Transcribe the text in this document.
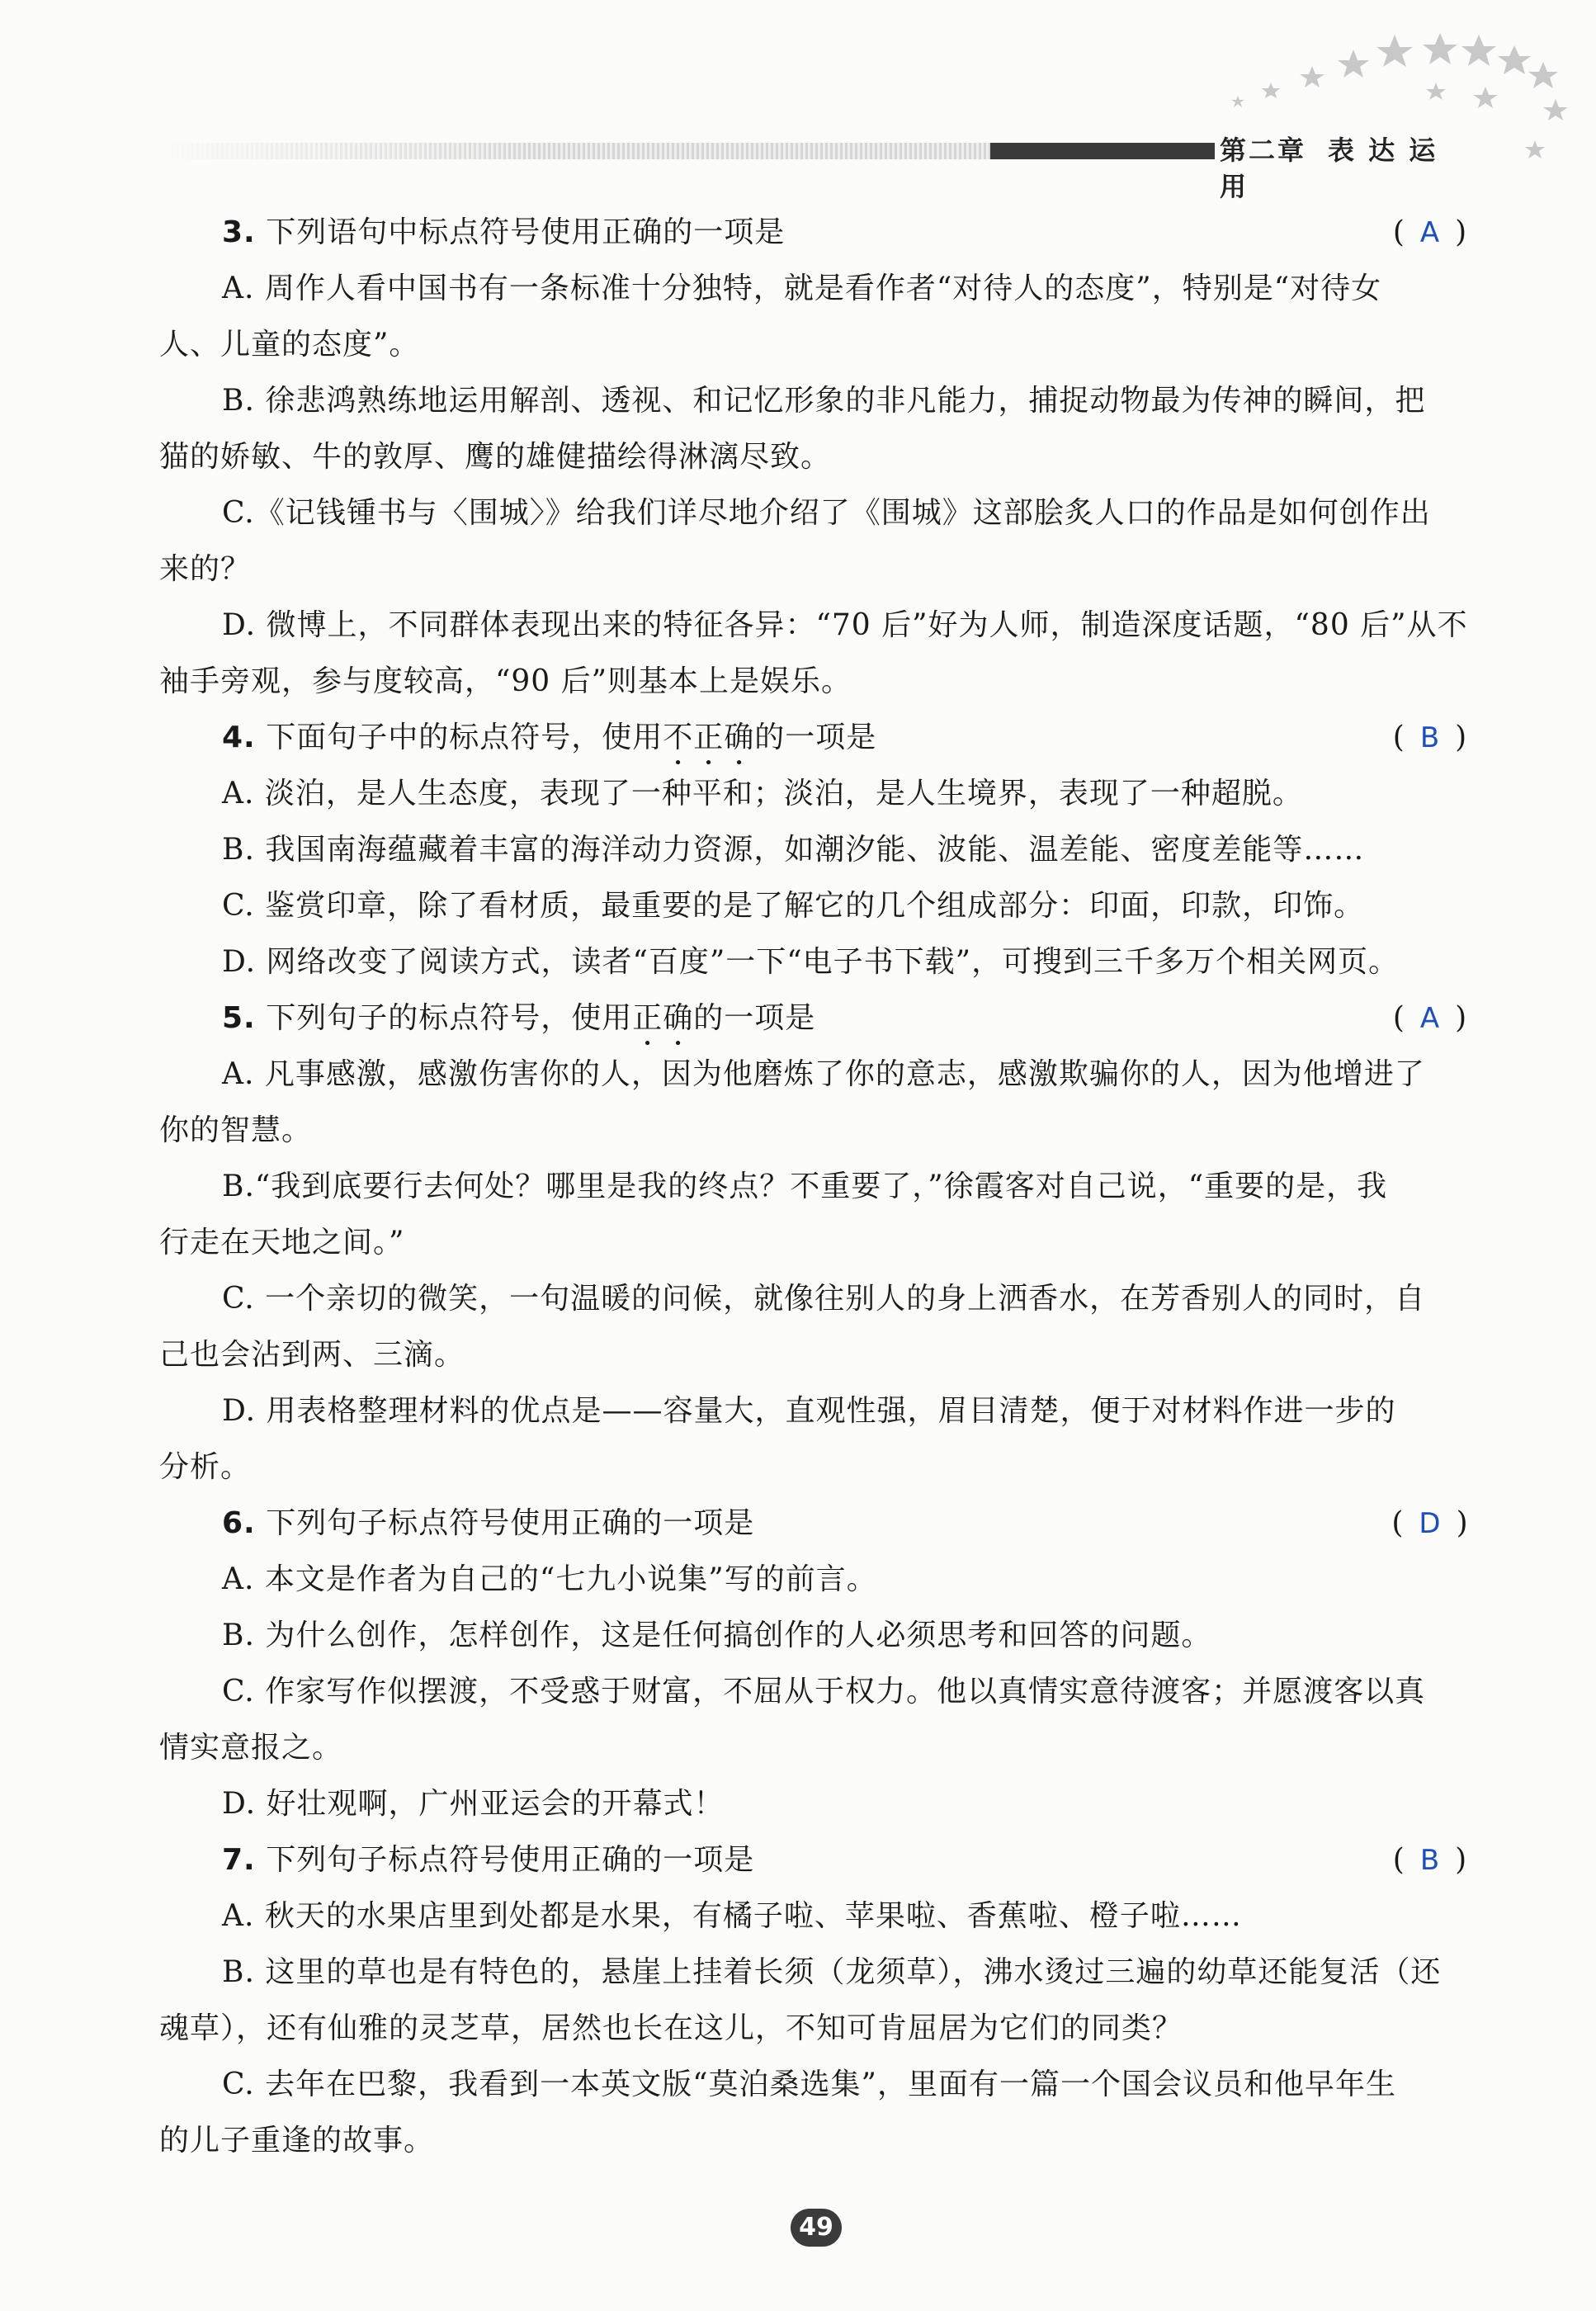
第二章 表 达 运 用
3. 下列语句中标点符号使用正确的一项是	( A )
A. 周作人看中国书有一条标准十分独特，就是看作者“对待人的态度”，特别是“对待女
人、儿童的态度”。
B. 徐悲鸿熟练地运用解剖、透视、和记忆形象的非凡能力，捕捉动物最为传神的瞬间，把
猫的娇敏、牛的敦厚、鹰的雄健描绘得淋漓尽致。
C.《记钱锺书与〈围城〉》给我们详尽地介绍了《围城》这部脍炙人口的作品是如何创作出
来的？
D. 微博上，不同群体表现出来的特征各异：“70 后”好为人师，制造深度话题，“80 后”从不
袖手旁观，参与度较高，“90 后”则基本上是娱乐。
4. 下面句子中的标点符号，使用不正确的一项是	( B )
A. 淡泊，是人生态度，表现了一种平和；淡泊，是人生境界，表现了一种超脱。
B. 我国南海蕴藏着丰富的海洋动力资源，如潮汐能、波能、温差能、密度差能等……
C. 鉴赏印章，除了看材质，最重要的是了解它的几个组成部分：印面，印款，印饰。
D. 网络改变了阅读方式，读者“百度”一下“电子书下载”，可搜到三千多万个相关网页。
5. 下列句子的标点符号，使用正确的一项是	( A )
A. 凡事感激，感激伤害你的人，因为他磨炼了你的意志，感激欺骗你的人，因为他增进了
你的智慧。
B.“我到底要行去何处？哪里是我的终点？不重要了，”徐霞客对自己说，“重要的是，我
行走在天地之间。”
C. 一个亲切的微笑，一句温暖的问候，就像往别人的身上洒香水，在芳香别人的同时，自
己也会沾到两、三滴。
D. 用表格整理材料的优点是——容量大，直观性强，眉目清楚，便于对材料作进一步的
分析。
6. 下列句子标点符号使用正确的一项是	( D )
A. 本文是作者为自己的“七九小说集”写的前言。
B. 为什么创作，怎样创作，这是任何搞创作的人必须思考和回答的问题。
C. 作家写作似摆渡，不受惑于财富，不屈从于权力。他以真情实意待渡客；并愿渡客以真
情实意报之。
D. 好壮观啊，广州亚运会的开幕式！
7. 下列句子标点符号使用正确的一项是	( B )
A. 秋天的水果店里到处都是水果，有橘子啦、苹果啦、香蕉啦、橙子啦……
B. 这里的草也是有特色的，悬崖上挂着长须（龙须草），沸水烫过三遍的幼草还能复活（还
魂草），还有仙雅的灵芝草，居然也长在这儿，不知可肯屈居为它们的同类？
C. 去年在巴黎，我看到一本英文版“莫泊桑选集”，里面有一篇一个国会议员和他早年生
的儿子重逢的故事。
49
